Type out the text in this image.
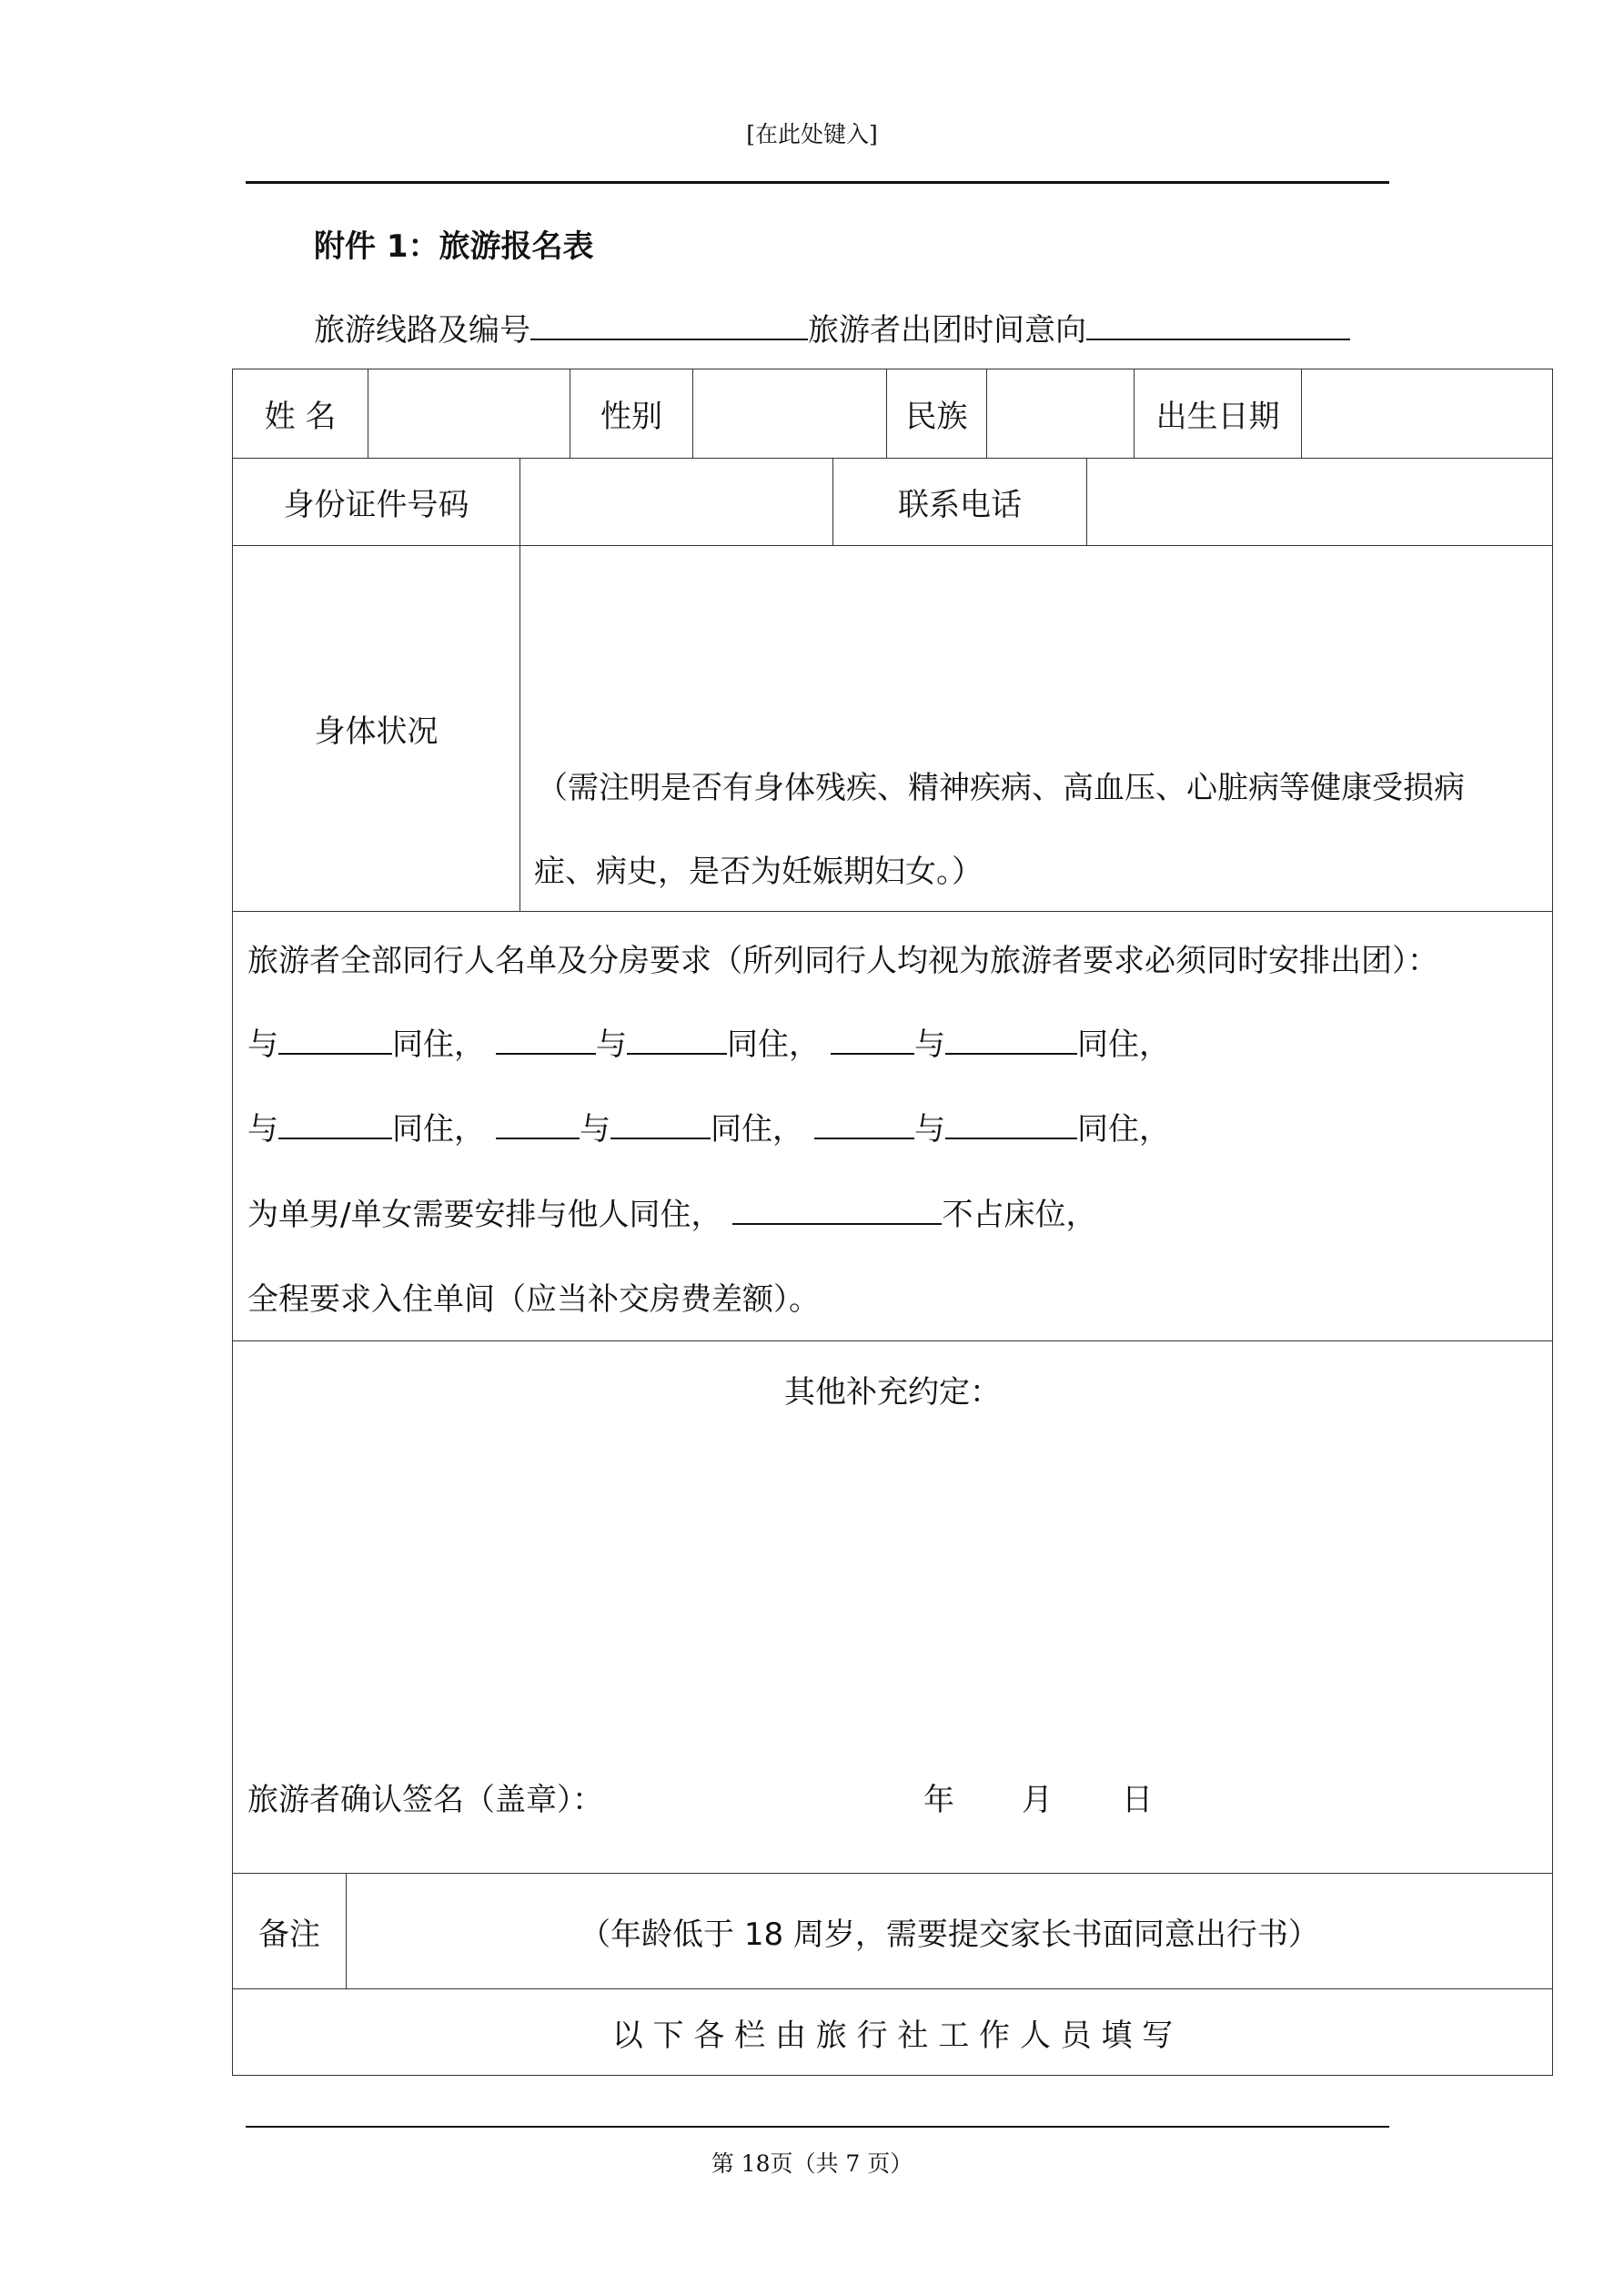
[在此处键入]
附件 1：旅游报名表
旅游线路及编号	旅游者出团时间意向
姓 名	性别	民族	出生日期
身份证件号码	联系电话
身体状况
（需注明是否有身体残疾、精神疾病、高血压、心脏病等健康受损病
症、病史，是否为妊娠期妇女。）
旅游者全部同行人名单及分房要求（所列同行人均视为旅游者要求必须同时安排出团）：
与	同住，	与	同住，	与	同住，
与	同住，	与	同住，	与	同住，
为单男/单女需要安排与他人同住，	不占床位，
全程要求入住单间（应当补交房费差额）。
其他补充约定：
旅游者确认签名（盖章）：	年 月 日
备注	（年龄低于 18 周岁，需要提交家长书面同意出行书）
以 下 各 栏 由 旅 行 社 工 作 人 员 填 写
第 18页（共 7 页）
